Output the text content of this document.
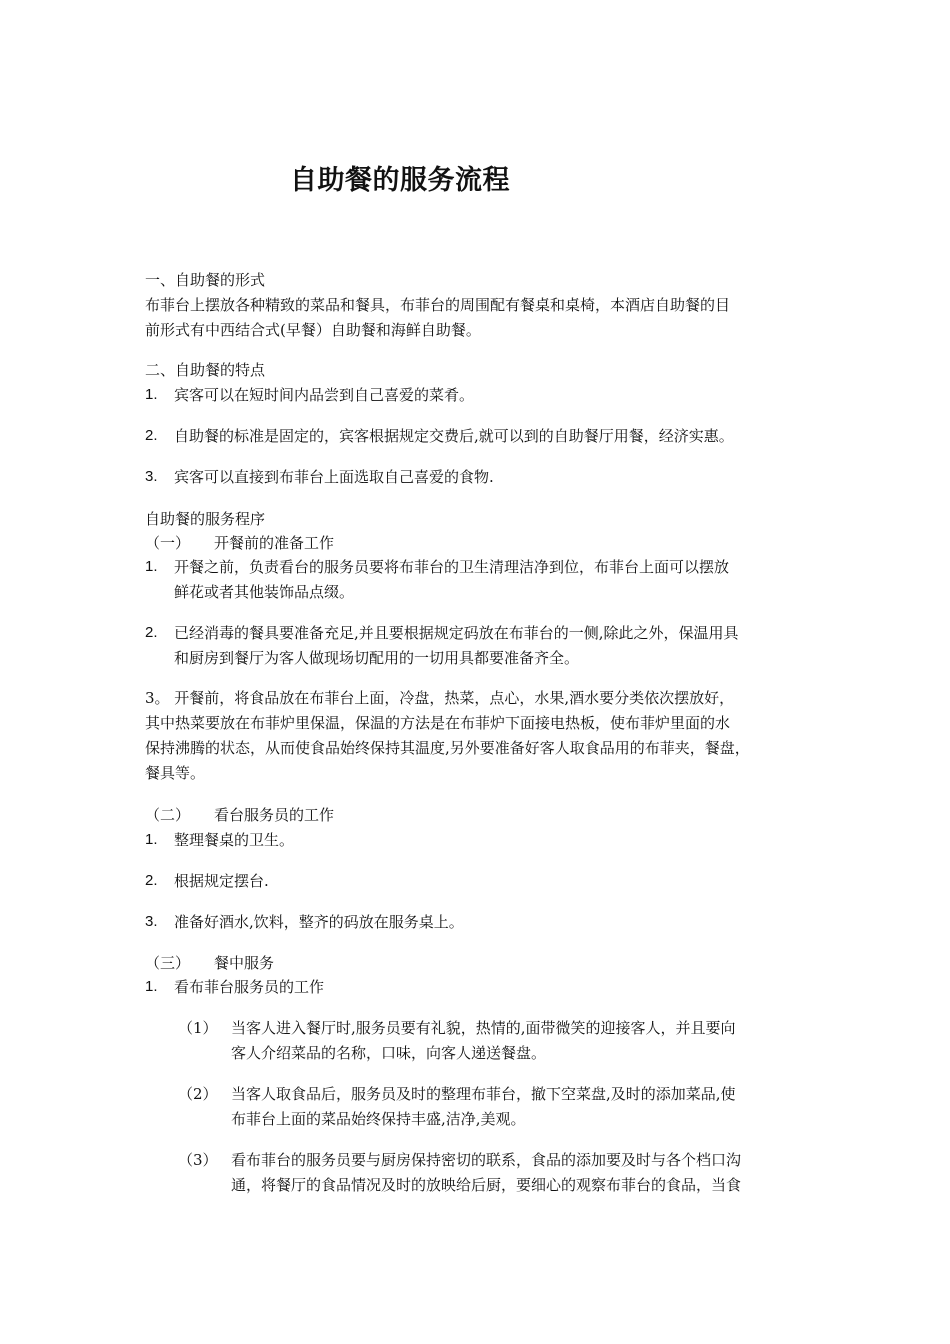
自助餐的服务流程
一、自助餐的形式
布菲台上摆放各种精致的菜品和餐具，布菲台的周围配有餐桌和桌椅，本酒店自助餐的目
前形式有中西结合式(早餐）自助餐和海鲜自助餐。
二、自助餐的特点
1. 宾客可以在短时间内品尝到自己喜爱的菜肴。
2. 自助餐的标准是固定的，宾客根据规定交费后,就可以到的自助餐厅用餐，经济实惠。
3. 宾客可以直接到布菲台上面选取自己喜爱的食物.
自助餐的服务程序
（一） 开餐前的准备工作
1. 开餐之前，负责看台的服务员要将布菲台的卫生清理洁净到位，布菲台上面可以摆放
鲜花或者其他装饰品点缀。
2. 已经消毒的餐具要准备充足,并且要根据规定码放在布菲台的一侧,除此之外，保温用具
和厨房到餐厅为客人做现场切配用的一切用具都要准备齐全。
3。 开餐前，将食品放在布菲台上面，冷盘，热菜，点心，水果,酒水要分类依次摆放好，
其中热菜要放在布菲炉里保温，保温的方法是在布菲炉下面接电热板，使布菲炉里面的水
保持沸腾的状态，从而使食品始终保持其温度,另外要准备好客人取食品用的布菲夹，餐盘，
餐具等。
（二） 看台服务员的工作
1. 整理餐桌的卫生。
2. 根据规定摆台.
3. 准备好酒水,饮料，整齐的码放在服务桌上。
（三） 餐中服务
1. 看布菲台服务员的工作
（1） 当客人进入餐厅时,服务员要有礼貌，热情的,面带微笑的迎接客人，并且要向
客人介绍菜品的名称，口味，向客人递送餐盘。
（2） 当客人取食品后，服务员及时的整理布菲台，撤下空菜盘,及时的添加菜品,使
布菲台上面的菜品始终保持丰盛,洁净,美观。
（3） 看布菲台的服务员要与厨房保持密切的联系，食品的添加要及时与各个档口沟
通，将餐厅的食品情况及时的放映给后厨，要细心的观察布菲台的食品，当食
